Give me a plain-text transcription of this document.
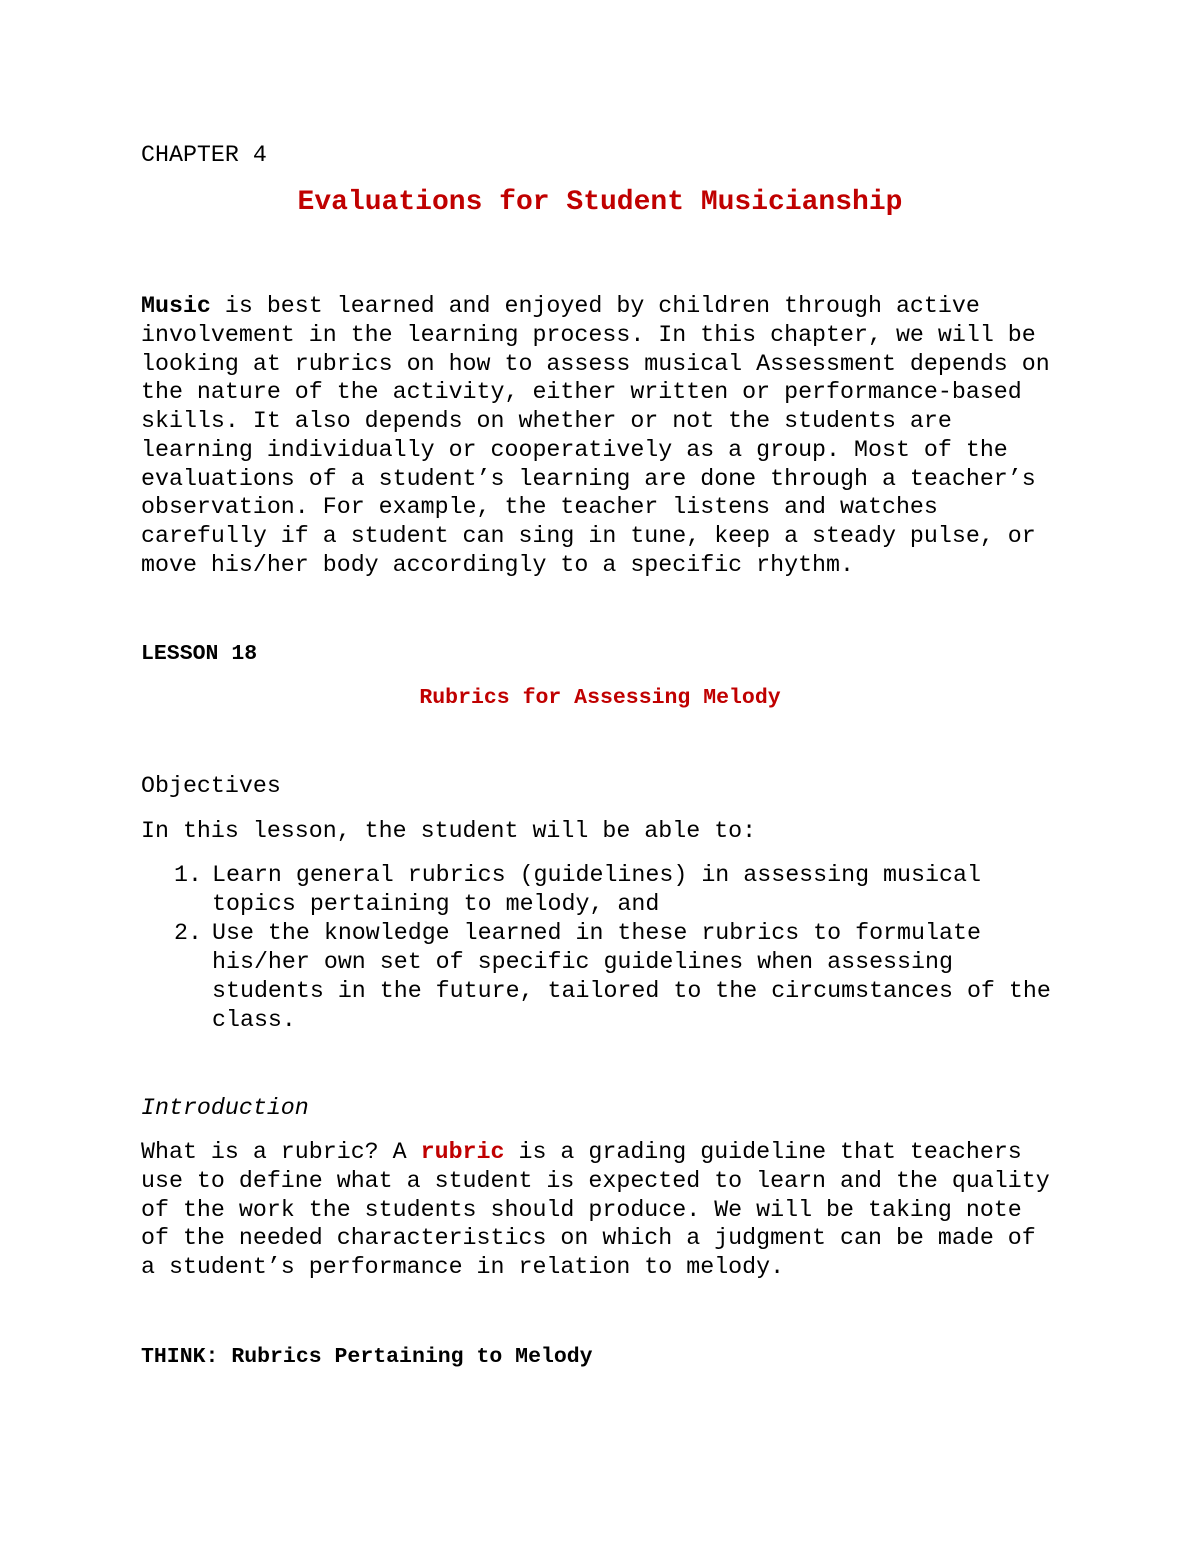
CHAPTER 4

Evaluations for Student Musicianship

Music is best learned and enjoyed by children through active

involvement in the learning process. In this chapter, we will be

looking at rubrics on how to assess musical Assessment depends on

the nature of the activity, either written or performance-based

skills. It also depends on whether or not the students are

learning individually or cooperatively as a group. Most of the

evaluations of a student’s learning are done through a teacher’s

observation. For example, the teacher listens and watches

carefully if a student can sing in tune, keep a steady pulse, or

move his/her body accordingly to a specific rhythm.

LESSON 18

Rubrics for Assessing Melody

Objectives

In this lesson, the student will be able to:

1. Learn general rubrics (guidelines) in assessing musical
topics pertaining to melody, and
2. Use the knowledge learned in these rubrics to formulate
his/her own set of specific guidelines when assessing
students in the future, tailored to the circumstances of the
class.

Introduction

What is a rubric? A rubric is a grading guideline that teachers

use to define what a student is expected to learn and the quality

of the work the students should produce. We will be taking note

of the needed characteristics on which a judgment can be made of

a student’s performance in relation to melody.

THINK: Rubrics Pertaining to Melody
